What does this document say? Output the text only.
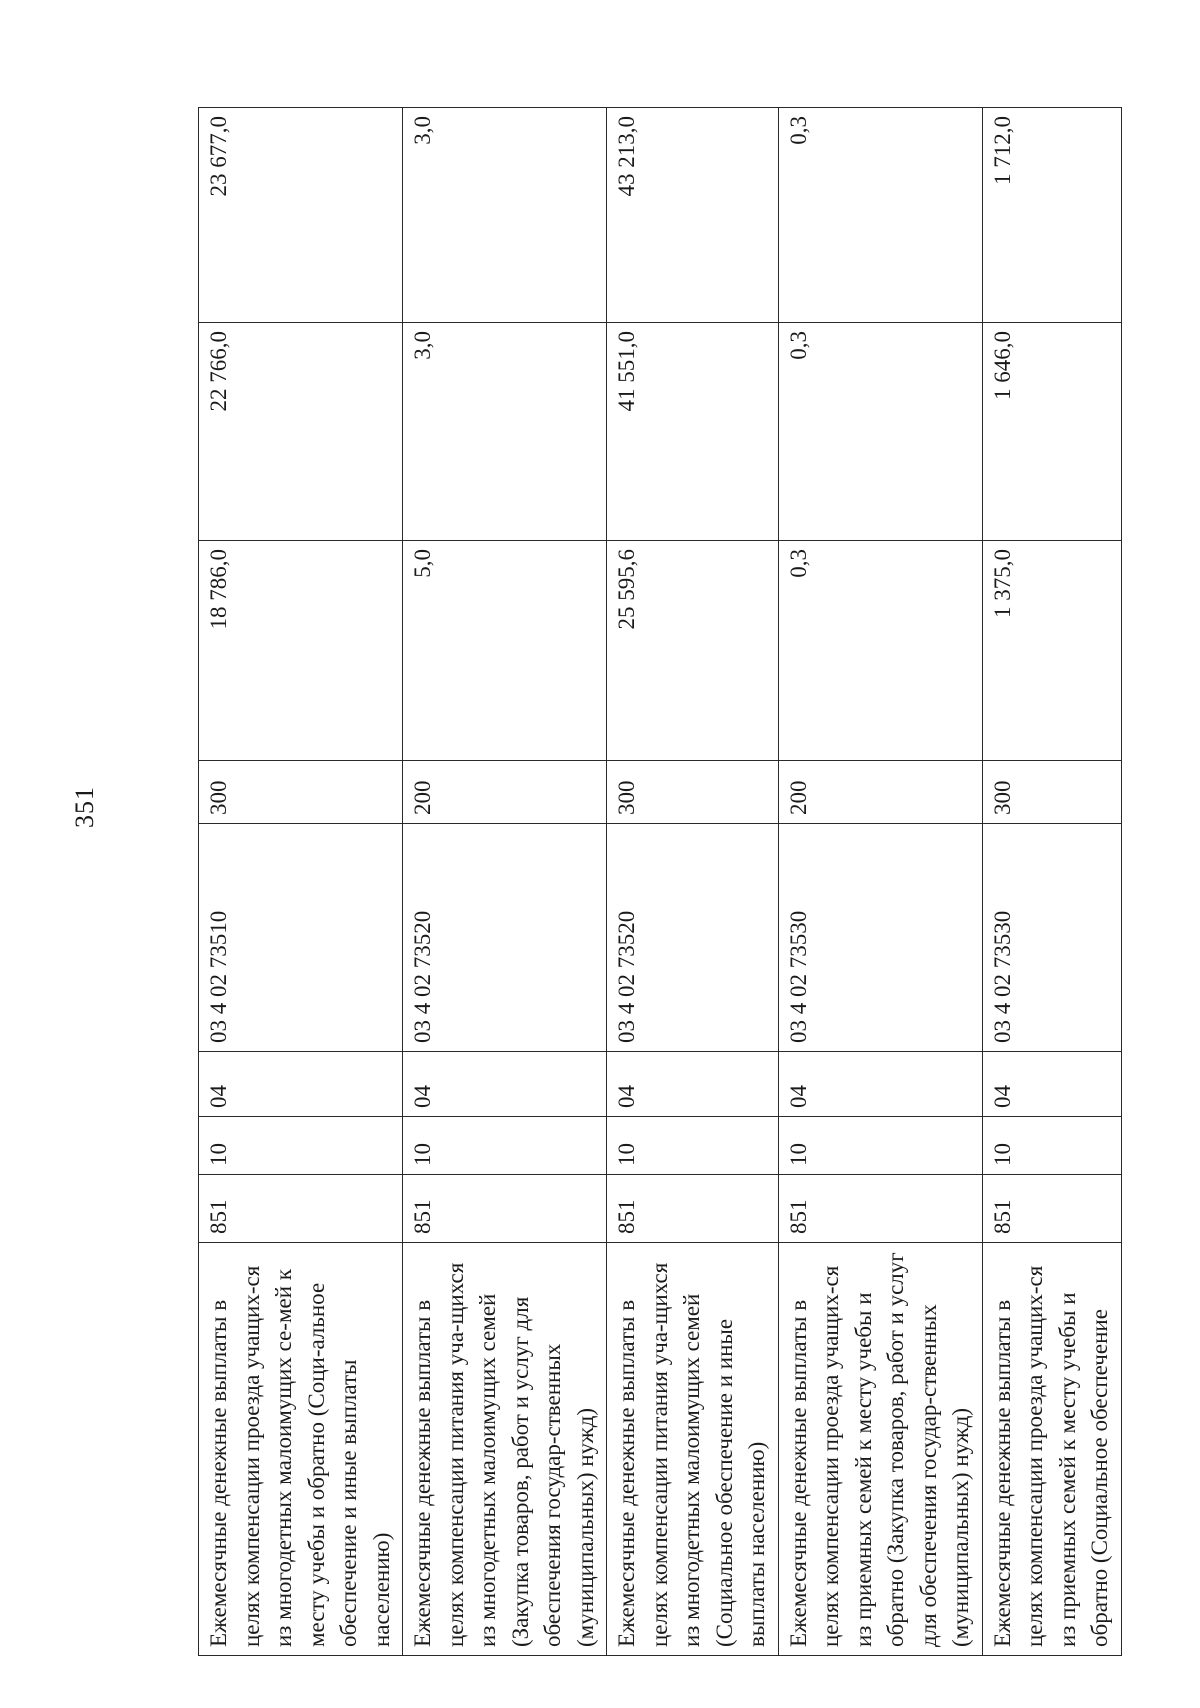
351
Ежемесячные денежные выплаты в целях компенсации проезда учащих-ся из многодетных малоимущих се-мей к месту учебы и обратно (Соци-альное обеспечение и иные выплаты населению)	851	10	04	03 4 02 73510	300	18 786,0	22 766,0	23 677,0
Ежемесячные денежные выплаты в целях компенсации питания уча-щихся из многодетных малоимущих семей (Закупка товаров, работ и услуг для обеспечения государ-ственных (муниципальных) нужд)	851	10	04	03 4 02 73520	200	5,0	3,0	3,0
Ежемесячные денежные выплаты в целях компенсации питания уча-щихся из многодетных малоимущих семей (Социальное обеспечение и иные выплаты населению)	851	10	04	03 4 02 73520	300	25 595,6	41 551,0	43 213,0
Ежемесячные денежные выплаты в целях компенсации проезда учащих-ся из приемных семей к месту учебы и обратно (Закупка товаров, работ и услуг для обеспечения государ-ственных (муниципальных) нужд)	851	10	04	03 4 02 73530	200	0,3	0,3	0,3
Ежемесячные денежные выплаты в целях компенсации проезда учащих-ся из приемных семей к месту учебы и обратно (Социальное обеспечение	851	10	04	03 4 02 73530	300	1 375,0	1 646,0	1 712,0
